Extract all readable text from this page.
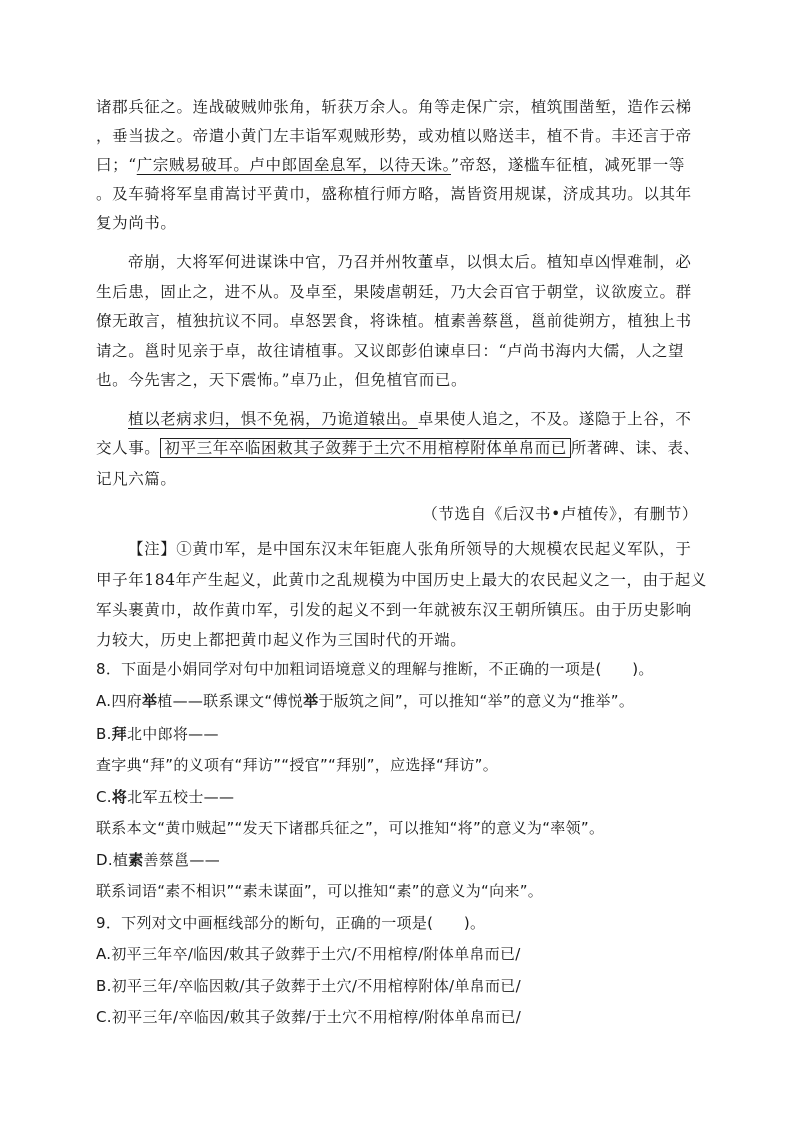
诸郡兵征之。连战破贼帅张角，斩获万余人。角等走保广宗，植筑围凿堑，造作云梯
，垂当拔之。帝遣小黄门左丰诣军观贼形势，或劝植以赂送丰，植不肯。丰还言于帝
曰；“广宗贼易破耳。卢中郎固垒息军，以待天诛。”帝怒，遂槛车征植，减死罪一等
。及车骑将军皇甫嵩讨平黄巾，盛称植行师方略，嵩皆资用规谋，济成其功。以其年
复为尚书。
帝崩，大将军何进谋诛中官，乃召并州牧董卓，以惧太后。植知卓凶悍难制，必
生后患，固止之，进不从。及卓至，果陵虐朝廷，乃大会百官于朝堂，议欲废立。群
僚无敢言，植独抗议不同。卓怒罢食，将诛植。植素善蔡邕，邕前徙朔方，植独上书
请之。邕时见亲于卓，故往请植事。又议郎彭伯谏卓曰：“卢尚书海内大儒，人之望
也。今先害之，天下震怖。”卓乃止，但免植官而已。
植以老病求归，惧不免祸，乃诡道辕出。卓果使人追之，不及。遂隐于上谷，不
交人事。 初平三年卒临困敕其子敛葬于土穴不用棺椁附体单帛而已 所著碑、诔、表、
记凡六篇。
（节选自《后汉书•卢植传》，有删节）
【注】①黄巾军，是中国东汉末年钜鹿人张角所领导的大规模农民起义军队，于
甲子年184年产生起义，此黄巾之乱规模为中国历史上最大的农民起义之一，由于起义
军头裹黄巾，故作黄巾军，引发的起义不到一年就被东汉王朝所镇压。由于历史影响
力较大，历史上都把黄巾起义作为三国时代的开端。
8．下面是小娟同学对句中加粗词语境意义的理解与推断，不正确的一项是(　　)。
A.四府举植——联系课文“傅悦举于版筑之间”，可以推知“举”的意义为“推举”。
B.拜北中郎将——
查字典“拜”的义项有“拜访”“授官”“拜别”，应选择“拜访”。
C.将北军五校士——
联系本文“黄巾贼起”“发天下诸郡兵征之”，可以推知“将”的意义为“率领”。
D.植素善蔡邕——
联系词语“素不相识”“素未谋面”，可以推知“素”的意义为“向来”。
9．下列对文中画框线部分的断句，正确的一项是(　　)。
A.初平三年卒/临因/敕其子敛葬于土穴/不用棺椁/附体单帛而已/
B.初平三年/卒临因敕/其子敛葬于土穴/不用棺椁附体/单帛而已/
C.初平三年/卒临因/敕其子敛葬/于土穴不用棺椁/附体单帛而已/
